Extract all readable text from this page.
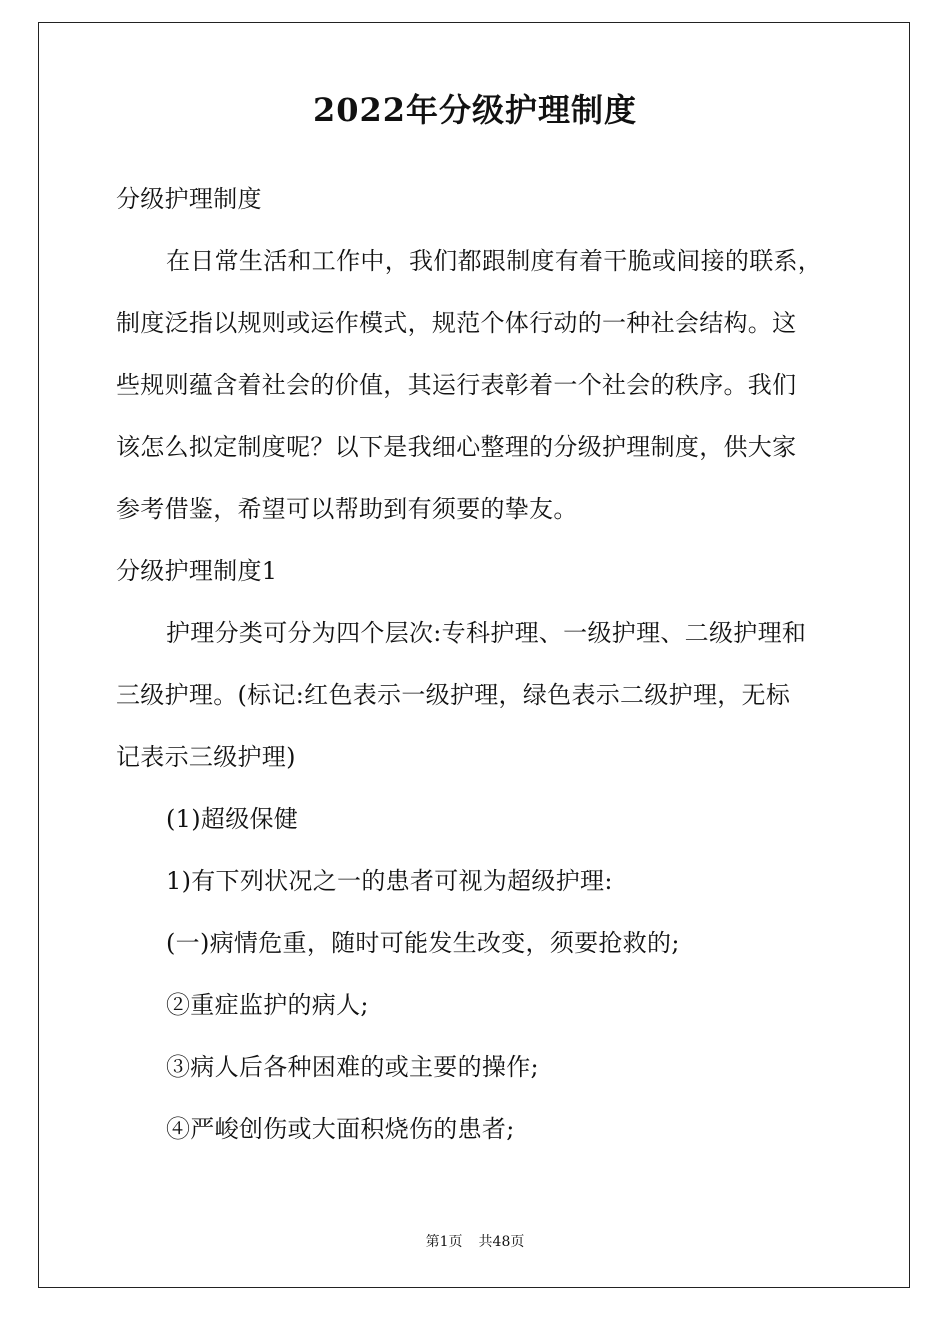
2022年分级护理制度
分级护理制度
在日常生活和工作中，我们都跟制度有着干脆或间接的联系，
制度泛指以规则或运作模式，规范个体行动的一种社会结构。这
些规则蕴含着社会的价值，其运行表彰着一个社会的秩序。我们
该怎么拟定制度呢？以下是我细心整理的分级护理制度，供大家
参考借鉴，希望可以帮助到有须要的挚友。
分级护理制度1
护理分类可分为四个层次:专科护理、一级护理、二级护理和
三级护理。(标记:红色表示一级护理，绿色表示二级护理，无标
记表示三级护理)
(1)超级保健
1)有下列状况之一的患者可视为超级护理:
(一)病情危重，随时可能发生改变，须要抢救的;
②重症监护的病人;
③病人后各种困难的或主要的操作;
④严峻创伤或大面积烧伤的患者;
第1页 共48页
